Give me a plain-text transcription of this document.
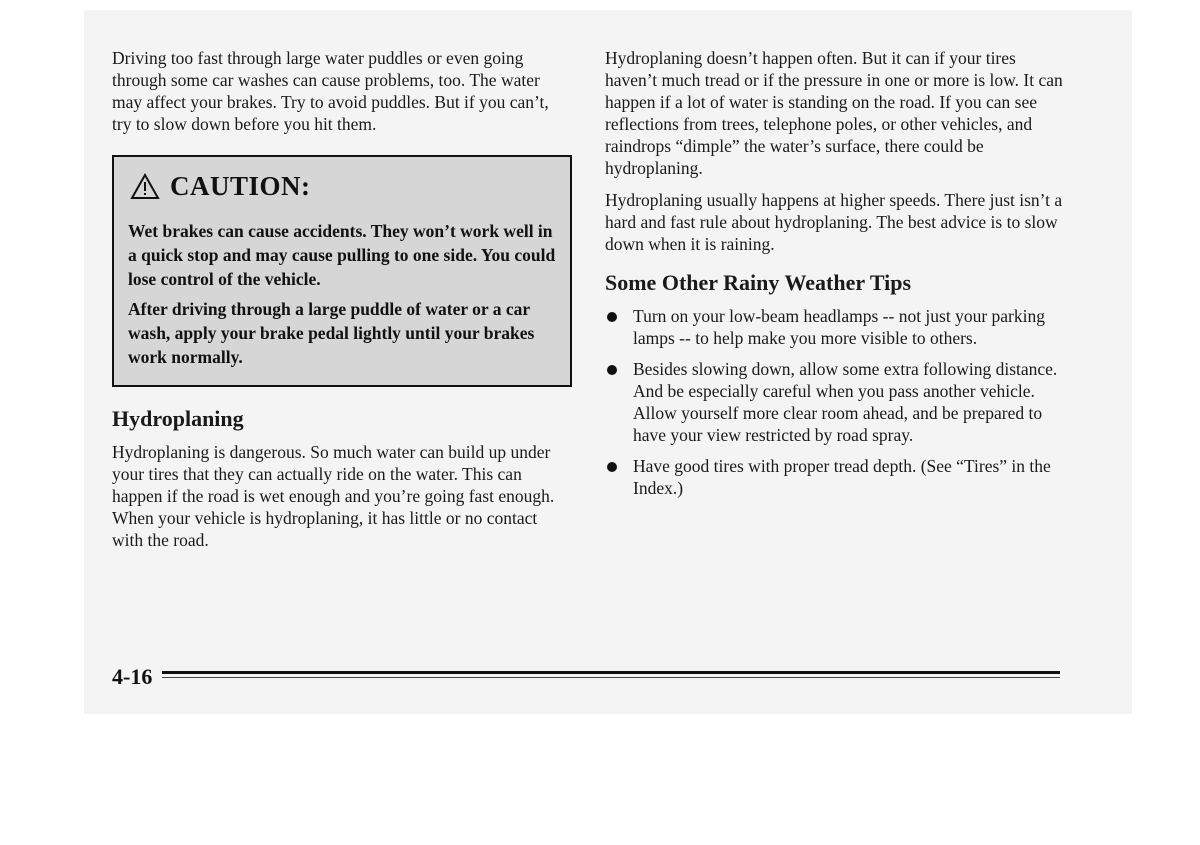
Driving too fast through large water puddles or even going through some car washes can cause problems, too. The water may affect your brakes. Try to avoid puddles. But if you can’t, try to slow down before you hit them.

CAUTION:

Wet brakes can cause accidents. They won’t work well in a quick stop and may cause pulling to one side. You could lose control of the vehicle.

After driving through a large puddle of water or a car wash, apply your brake pedal lightly until your brakes work normally.

Hydroplaning

Hydroplaning is dangerous. So much water can build up under your tires that they can actually ride on the water. This can happen if the road is wet enough and you’re going fast enough. When your vehicle is hydroplaning, it has little or no contact with the road.

Hydroplaning doesn’t happen often. But it can if your tires haven’t much tread or if the pressure in one or more is low. It can happen if a lot of water is standing on the road. If you can see reflections from trees, telephone poles, or other vehicles, and raindrops “dimple” the water’s surface, there could be hydroplaning.

Hydroplaning usually happens at higher speeds. There just isn’t a hard and fast rule about hydroplaning. The best advice is to slow down when it is raining.

Some Other Rainy Weather Tips
Turn on your low-beam headlamps -- not just your parking lamps -- to help make you more visible to others.
Besides slowing down, allow some extra following distance. And be especially careful when you pass another vehicle. Allow yourself more clear room ahead, and be prepared to have your view restricted by road spray.
Have good tires with proper tread depth. (See “Tires” in the Index.)
4-16
